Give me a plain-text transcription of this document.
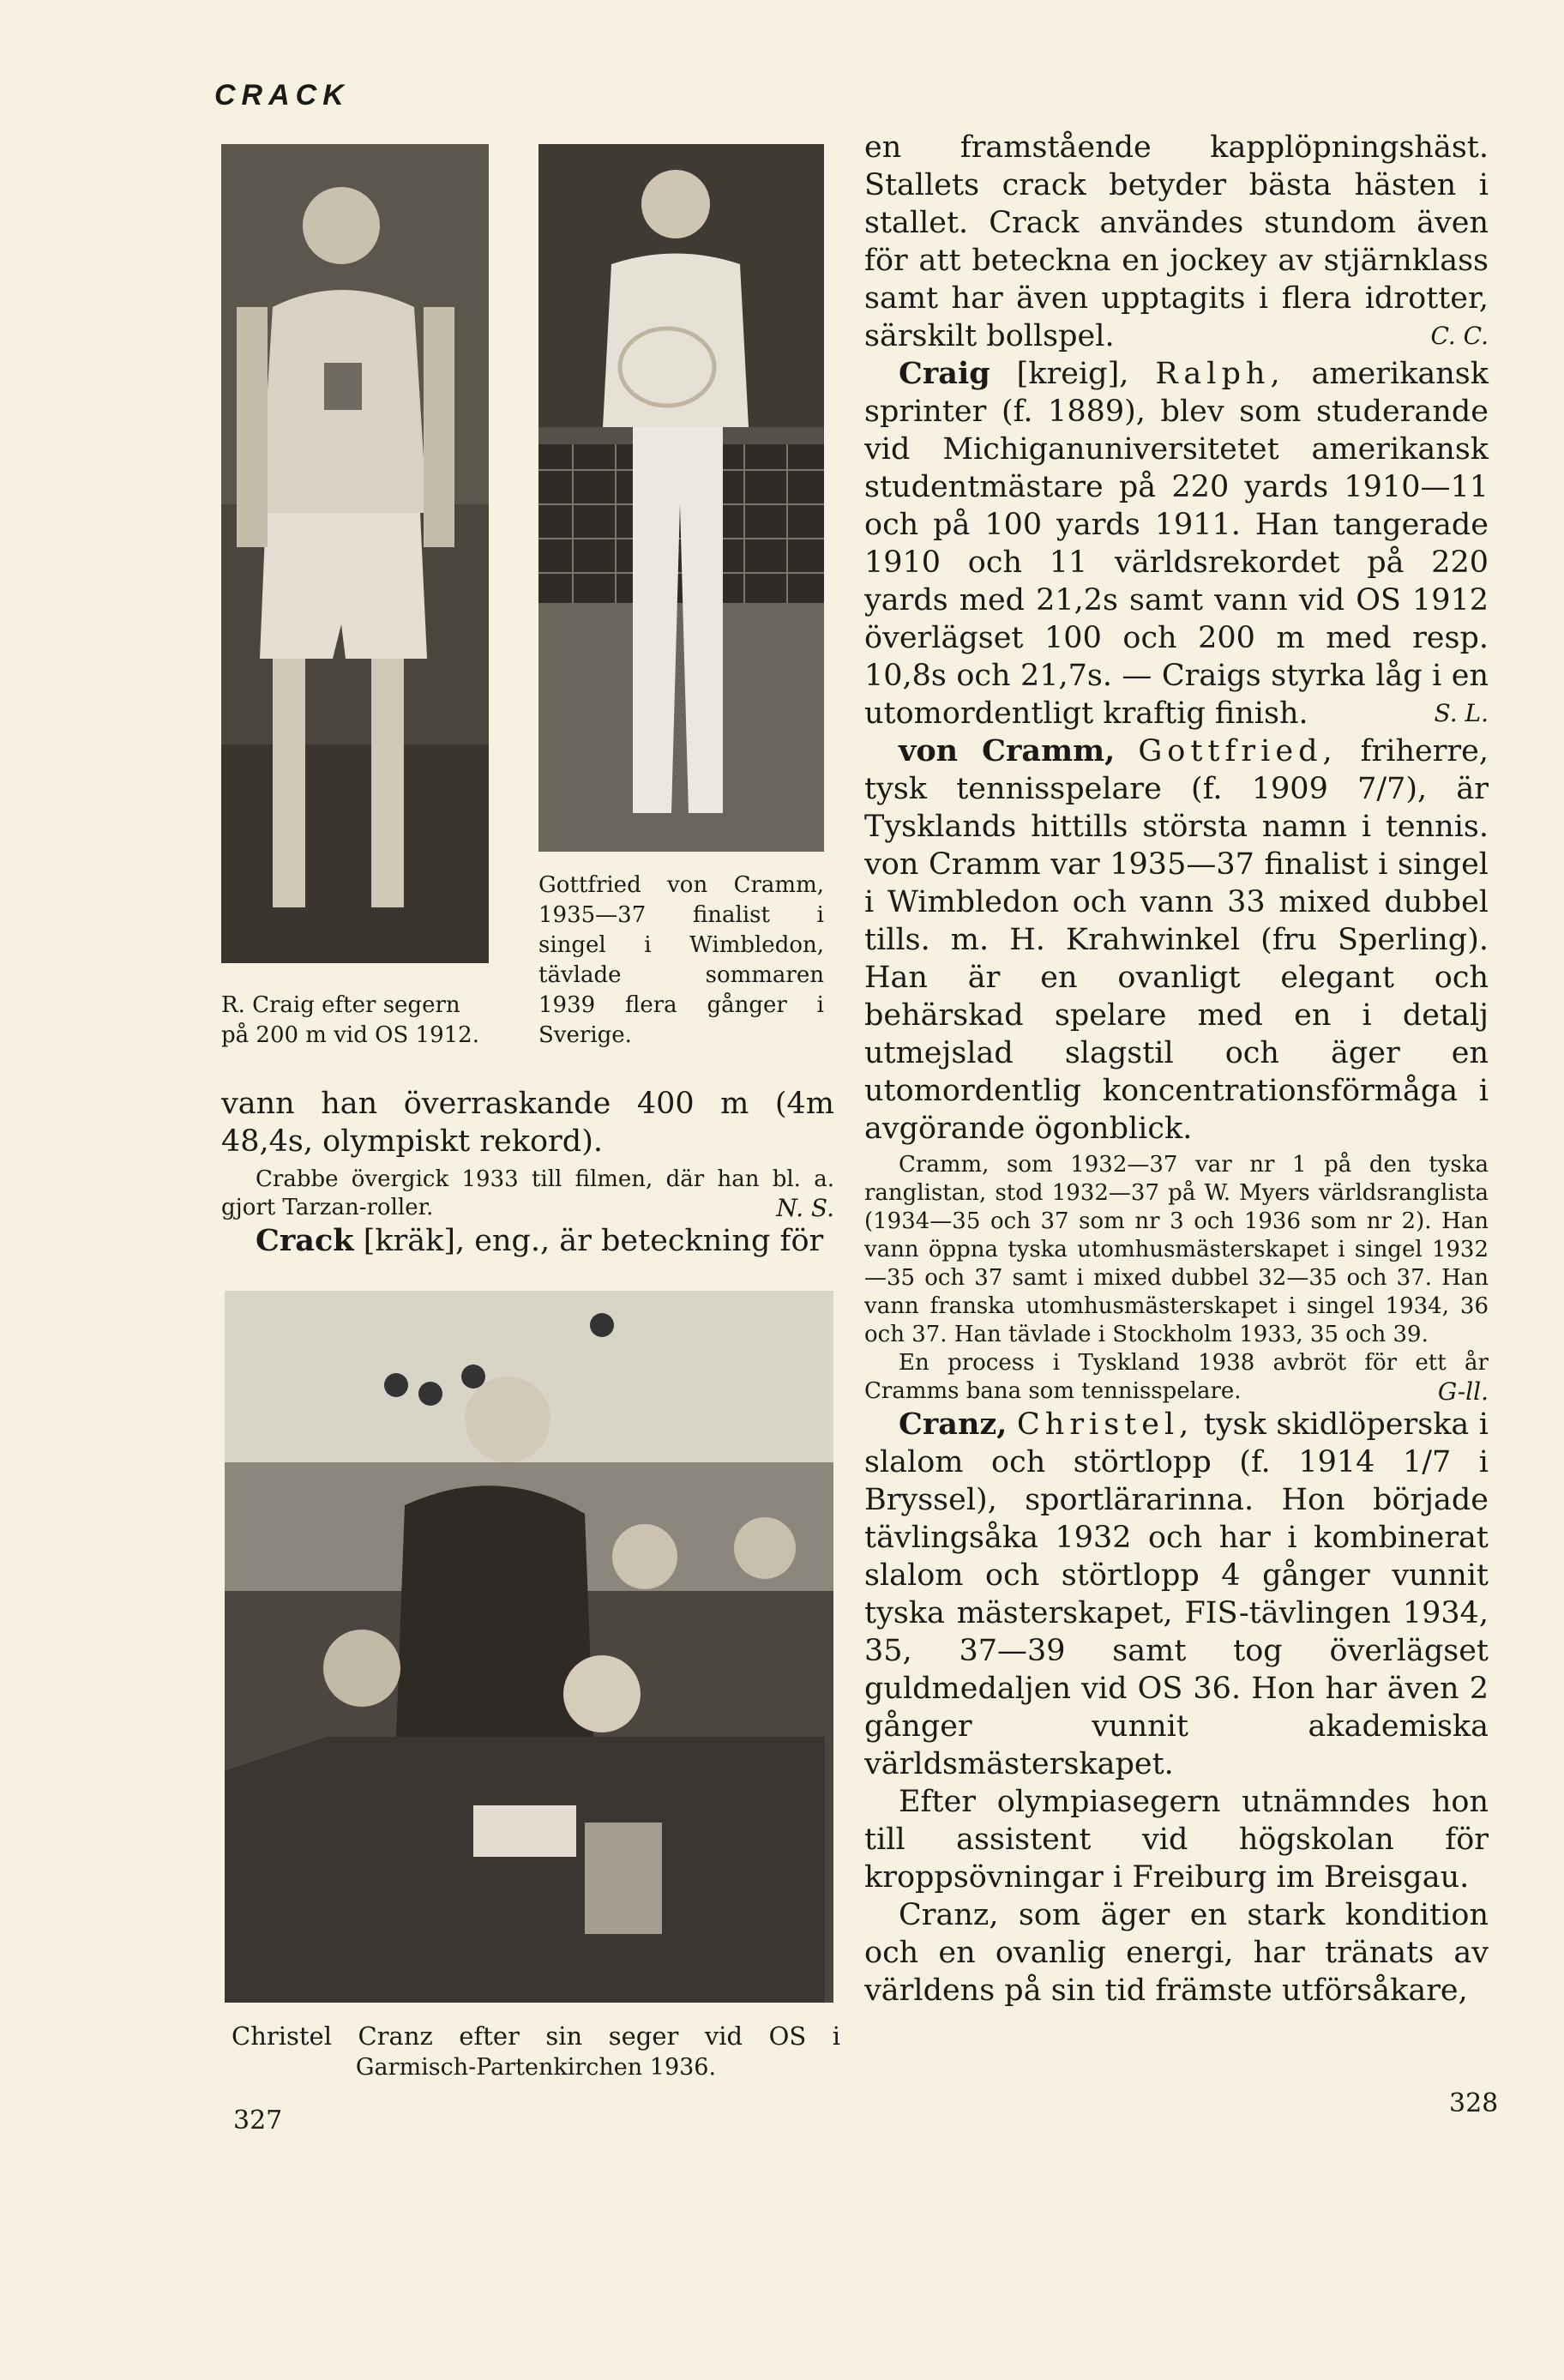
CRACK
R. Craig efter segern
på 200 m vid OS 1912.
Gottfried von Cramm,
1935—37 finalist i
singel i Wimbledon,
tävlade sommaren
1939 flera gånger i
Sverige.

vann han överraskande 400 m (4m 48,4s, olympiskt rekord).

Crabbe övergick 1933 till filmen, där han bl. a. gjort Tarzan-roller.	N. S.

Crack [kräk], eng., är beteckning för

Christel Cranz efter sin seger vid OS i
Garmisch-Partenkirchen 1936.
327

en framstående kapplöpningshäst. Stallets crack betyder bästa hästen i stallet. Crack användes stundom även för att beteckna en jockey av stjärnklass samt har även upptagits i flera idrotter, särskilt bollspel.	C. C.

Craig [kreig], Ralph, amerikansk sprinter (f. 1889), blev som studerande vid Michiganuniversitetet amerikansk studentmästare på 220 yards 1910—11 och på 100 yards 1911. Han tangerade 1910 och 11 världsrekordet på 220 yards med 21,2s samt vann vid OS 1912 överlägset 100 och 200 m med resp. 10,8s och 21,7s. — Craigs styrka låg i en utomordentligt kraftig finish.	S. L.

von Cramm, Gottfried, friherre, tysk tennisspelare (f. 1909 7/7), är Tysklands hittills största namn i tennis. von Cramm var 1935—37 finalist i singel i Wimbledon och vann 33 mixed dubbel tills. m. H. Krahwinkel (fru Sperling). Han är en ovanligt elegant och behärskad spelare med en i detalj utmejslad slagstil och äger en utomordentlig koncentrationsförmåga i avgörande ögonblick.

Cramm, som 1932—37 var nr 1 på den tyska ranglistan, stod 1932—37 på W. Myers världsranglista (1934—35 och 37 som nr 3 och 1936 som nr 2). Han vann öppna tyska utomhusmästerskapet i singel 1932—35 och 37 samt i mixed dubbel 32—35 och 37. Han vann franska utomhusmästerskapet i singel 1934, 36 och 37. Han tävlade i Stockholm 1933, 35 och 39.

En process i Tyskland 1938 avbröt för ett år Cramms bana som tennisspelare.	G-ll.

Cranz, Christel, tysk skidlöperska i slalom och störtlopp (f. 1914 1/7 i Bryssel), sportlärarinna. Hon började tävlingsåka 1932 och har i kombinerat slalom och störtlopp 4 gånger vunnit tyska mästerskapet, FIS-tävlingen 1934, 35, 37—39 samt tog överlägset guldmedaljen vid OS 36. Hon har även 2 gånger vunnit akademiska världsmästerskapet.

Efter olympiasegern utnämndes hon till assistent vid högskolan för kroppsövningar i Freiburg im Breisgau.

Cranz, som äger en stark kondition och en ovanlig energi, har tränats av världens på sin tid främste utförsåkare,

328
